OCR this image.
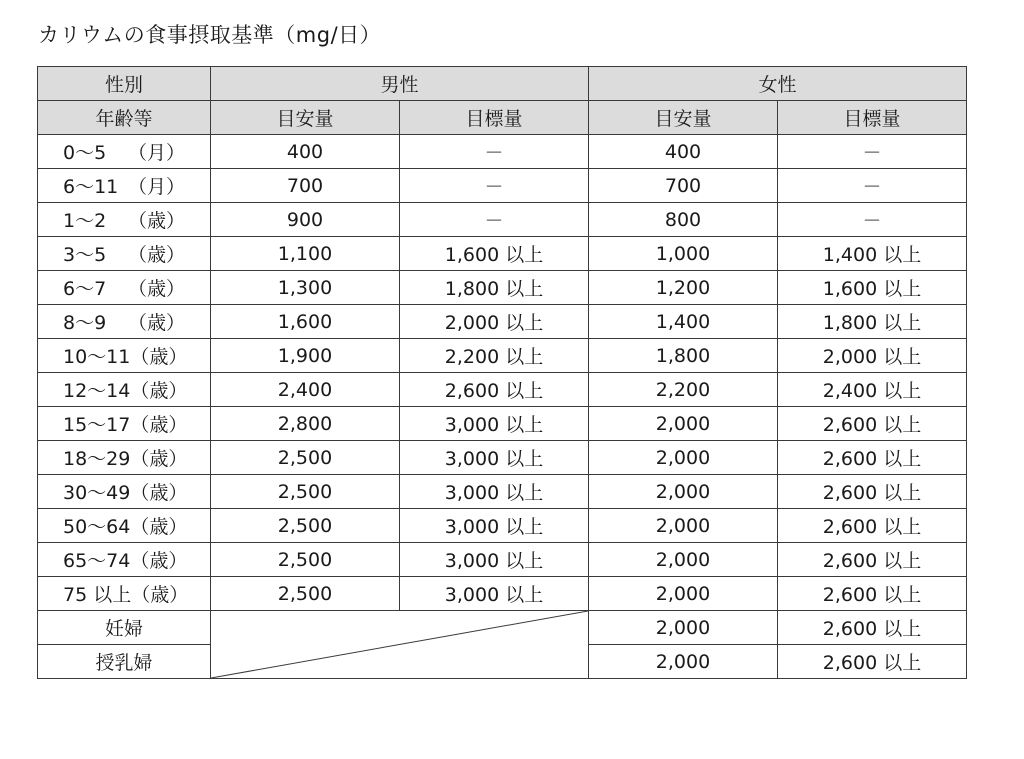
カリウムの食事摂取基準（mg/日）
性別	男性		女性	
年齢等	目安量	目標量	目安量	目標量

0～5 （月）	400	－	400	－

6～11 （月）	700	－	700	－

1～2 （歳）	900	－	800	－

3～5 （歳）	1,100	1,600 以上	1,000	1,400 以上

6～7 （歳）	1,300	1,800 以上	1,200	1,600 以上

8～9 （歳）	1,600	2,000 以上	1,400	1,800 以上

10～11 （歳）	1,900	2,200 以上	1,800	2,000 以上

12～14 （歳）	2,400	2,600 以上	2,200	2,400 以上

15～17 （歳）	2,800	3,000 以上	2,000	2,600 以上

18～29 （歳）	2,500	3,000 以上	2,000	2,600 以上

30～49 （歳）	2,500	3,000 以上	2,000	2,600 以上

50～64 （歳）	2,500	3,000 以上	2,000	2,600 以上

65～74 （歳）	2,500	3,000 以上	2,000	2,600 以上

75 以上 （歳）	2,500	3,000 以上	2,000	2,600 以上
妊婦			2,000	2,600 以上
授乳婦			2,000	2,600 以上
